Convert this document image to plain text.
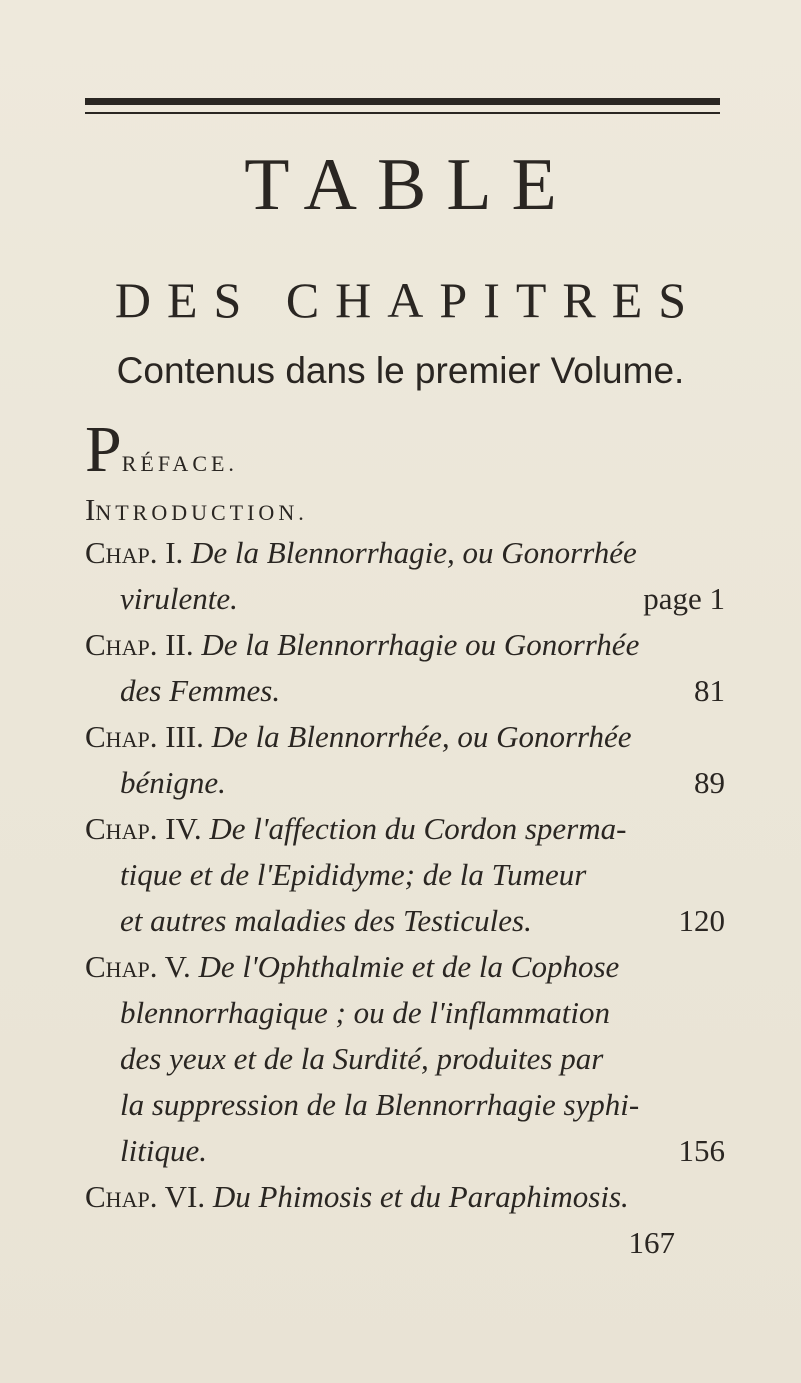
TABLE
DES CHAPITRES
Contenus dans le premier Volume.
PRÉFACE.
INTRODUCTION.
Chap. I. De la Blennorrhagie, ou Gonorrhée
virulente.	page 1
Chap. II. De la Blennorrhagie ou Gonorrhée
des Femmes.	81
Chap. III. De la Blennorrhée, ou Gonorrhée
bénigne.	89
Chap. IV. De l'affection du Cordon sperma-
tique et de l'Epididyme; de la Tumeur
et autres maladies des Testicules.	120
Chap. V. De l'Ophthalmie et de la Cophose
blennorrhagique ; ou de l'inflammation
des yeux et de la Surdité, produites par
la suppression de la Blennorrhagie syphi-
litique.	156
Chap. VI. Du Phimosis et du Paraphimosis.
167
